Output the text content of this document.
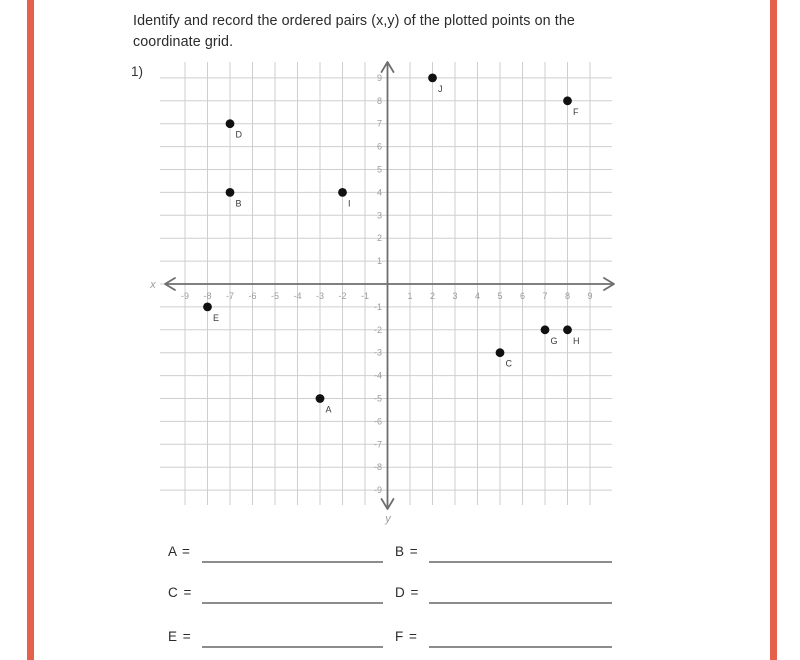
Identify and record the ordered pairs (x,y) of the plotted points on the coordinate grid.
1)
-9 -8 -7 -6 -5 -4 -3 -2 -1	1 2 3 4 5 6 7 8 9
9
8
7
6
5
4
3
2
1
-1
-2
-3
-4
-5
-6
-7
-8
-9
x
y
A
B
C
D
E
F
G H
I
J
A =	B =
C =	D =
E =	F =
